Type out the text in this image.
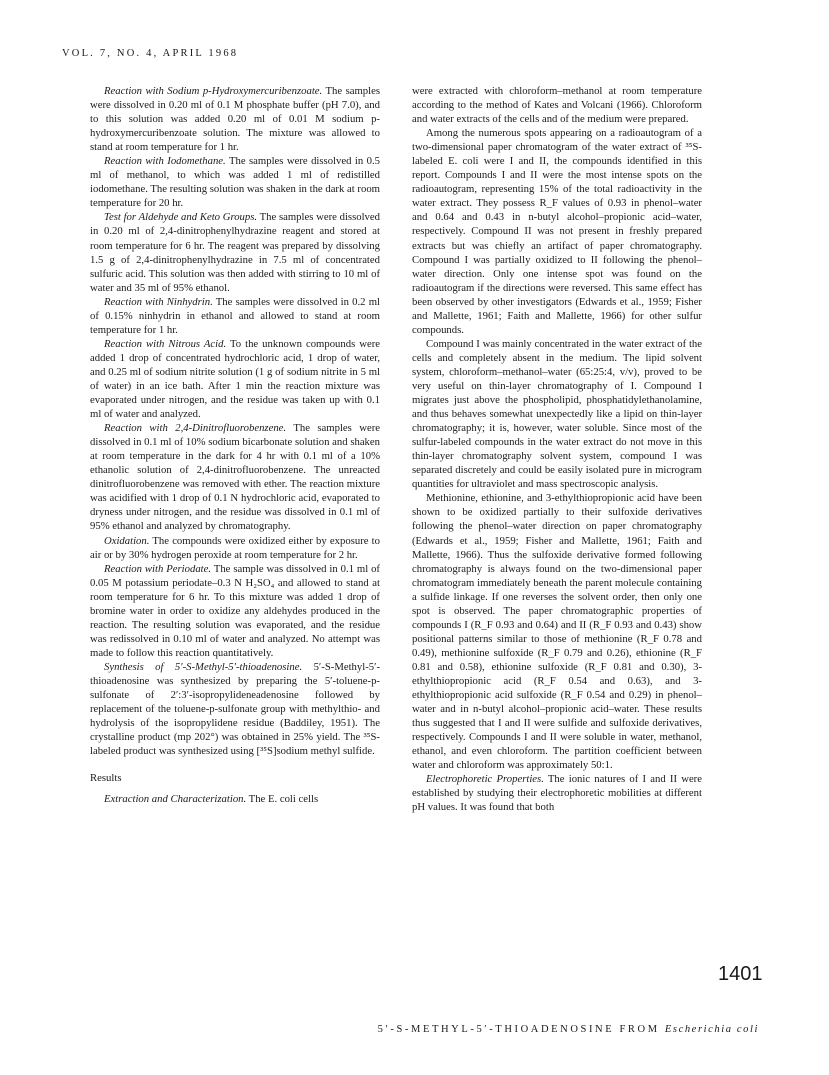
VOL. 7, NO. 4, APRIL 1968

Reaction with Sodium p-Hydroxymercuribenzoate. The samples were dissolved in 0.20 ml of 0.1 M phosphate buffer (pH 7.0), and to this solution was added 0.20 ml of 0.01 M sodium p-hydroxymercuribenzoate solution. The mixture was allowed to stand at room temperature for 1 hr.

Reaction with Iodomethane. The samples were dissolved in 0.5 ml of methanol, to which was added 1 ml of redistilled iodomethane. The resulting solution was shaken in the dark at room temperature for 20 hr.

Test for Aldehyde and Keto Groups. The samples were dissolved in 0.20 ml of 2,4-dinitrophenylhydrazine reagent and stored at room temperature for 6 hr. The reagent was prepared by dissolving 1.5 g of 2,4-dinitrophenylhydrazine in 7.5 ml of concentrated sulfuric acid. This solution was then added with stirring to 10 ml of water and 35 ml of 95% ethanol.

Reaction with Ninhydrin. The samples were dissolved in 0.2 ml of 0.15% ninhydrin in ethanol and allowed to stand at room temperature for 1 hr.

Reaction with Nitrous Acid. To the unknown compounds were added 1 drop of concentrated hydrochloric acid, 1 drop of water, and 0.25 ml of sodium nitrite solution (1 g of sodium nitrite in 5 ml of water) in an ice bath. After 1 min the reaction mixture was evaporated under nitrogen, and the residue was taken up with 0.1 ml of water and analyzed.

Reaction with 2,4-Dinitrofluorobenzene. The samples were dissolved in 0.1 ml of 10% sodium bicarbonate solution and shaken at room temperature in the dark for 4 hr with 0.1 ml of a 10% ethanolic solution of 2,4-dinitrofluorobenzene. The unreacted dinitrofluorobenzene was removed with ether. The reaction mixture was acidified with 1 drop of 0.1 N hydrochloric acid, evaporated to dryness under nitrogen, and the residue was dissolved in 0.1 ml of 95% ethanol and analyzed by chromatography.

Oxidation. The compounds were oxidized either by exposure to air or by 30% hydrogen peroxide at room temperature for 2 hr.

Reaction with Periodate. The sample was dissolved in 0.1 ml of 0.05 M potassium periodate–0.3 N H₂SO₄ and allowed to stand at room temperature for 6 hr. To this mixture was added 1 drop of bromine water in order to oxidize any aldehydes produced in the reaction. The resulting solution was evaporated, and the residue was redissolved in 0.10 ml of water and analyzed. No attempt was made to follow this reaction quantitatively.

Synthesis of 5′-S-Methyl-5′-thioadenosine. 5′-S-Methyl-5′-thioadenosine was synthesized by preparing the 5′-toluene-p-sulfonate of 2′:3′-isopropylideneadenosine followed by replacement of the toluene-p-sulfonate group with methylthio- and hydrolysis of the isopropylidene residue (Baddiley, 1951). The crystalline product (mp 202°) was obtained in 25% yield. The ³⁵S-labeled product was synthesized using [³⁵S]sodium methyl sulfide.

Results

Extraction and Characterization. The E. coli cells

were extracted with chloroform–methanol at room temperature according to the method of Kates and Volcani (1966). Chloroform and water extracts of the cells and of the medium were prepared.

Among the numerous spots appearing on a radioautogram of a two-dimensional paper chromatogram of the water extract of ³⁵S-labeled E. coli were I and II, the compounds identified in this report. Compounds I and II were the most intense spots on the radioautogram, representing 15% of the total radioactivity in the water extract. They possess R_F values of 0.93 in phenol–water and 0.64 and 0.43 in n-butyl alcohol–propionic acid–water, respectively. Compound II was not present in freshly prepared extracts but was chiefly an artifact of paper chromatography. Compound I was partially oxidized to II following the phenol–water direction. Only one intense spot was found on the radioautogram if the directions were reversed. This same effect has been observed by other investigators (Edwards et al., 1959; Fisher and Mallette, 1961; Faith and Mallette, 1966) for other sulfur compounds.

Compound I was mainly concentrated in the water extract of the cells and completely absent in the medium. The lipid solvent system, chloroform–methanol–water (65:25:4, v/v), proved to be very useful on thin-layer chromatography of I. Compound I migrates just above the phospholipid, phosphatidylethanolamine, and thus behaves somewhat unexpectedly like a lipid on thin-layer chromatography; it is, however, water soluble. Since most of the sulfur-labeled compounds in the water extract do not move in this thin-layer chromatography solvent system, compound I was separated discretely and could be easily isolated pure in microgram quantities for ultraviolet and mass spectroscopic analysis.

Methionine, ethionine, and 3-ethylthiopropionic acid have been shown to be oxidized partially to their sulfoxide derivatives following the phenol–water direction on paper chromatography (Edwards et al., 1959; Fisher and Mallette, 1961; Faith and Mallette, 1966). Thus the sulfoxide derivative formed following chromatography is always found on the two-dimensional paper chromatogram immediately beneath the parent molecule containing a sulfide linkage. If one reverses the solvent order, then only one spot is observed. The paper chromatographic properties of compounds I (R_F 0.93 and 0.64) and II (R_F 0.93 and 0.43) show positional patterns similar to those of methionine (R_F 0.78 and 0.49), methionine sulfoxide (R_F 0.79 and 0.26), ethionine (R_F 0.81 and 0.58), ethionine sulfoxide (R_F 0.81 and 0.30), 3-ethylthiopropionic acid (R_F 0.54 and 0.63), and 3-ethylthiopropionic acid sulfoxide (R_F 0.54 and 0.29) in phenol–water and in n-butyl alcohol–propionic acid–water. These results thus suggested that I and II were sulfide and sulfoxide derivatives, respectively. Compounds I and II were soluble in water, methanol, ethanol, and even chloroform. The partition coefficient between water and chloroform was approximately 50:1.

Electrophoretic Properties. The ionic natures of I and II were established by studying their electrophoretic mobilities at different pH values. It was found that both

1401
5′-S-METHYL-5′-THIOADENOSINE FROM Escherichia coli
